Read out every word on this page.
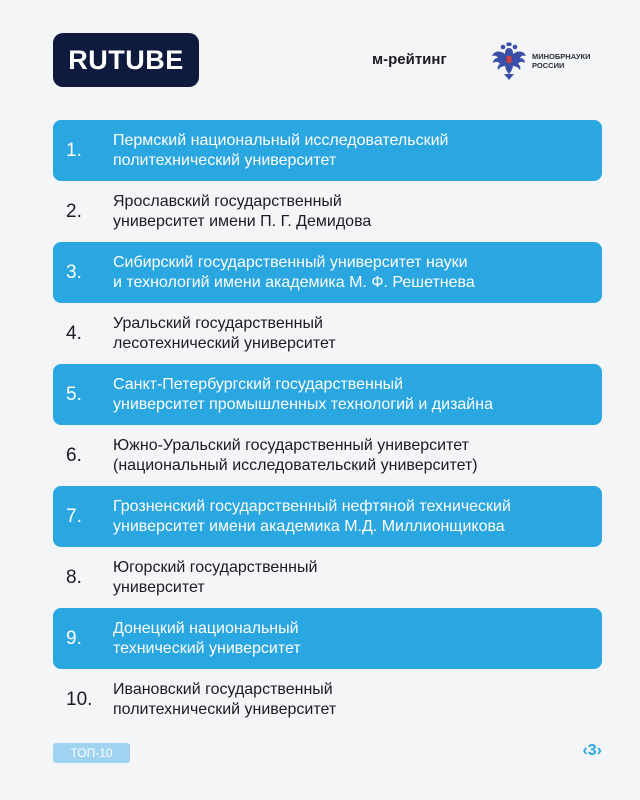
RUTUBE	м-рейтинг	МИНОБРНАУКИ
РОССИИ
1.	Пермский национальный исследовательский
политехнический университет
2.	Ярославский государственный
университет имени П. Г. Демидова
3.	Сибирский государственный университет науки
и технологий имени академика М. Ф. Решетнева
4.	Уральский государственный
лесотехнический университет
5.	Санкт-Петербургский государственный
университет промышленных технологий и дизайна
6.	Южно-Уральский государственный университет
(национальный исследовательский университет)
7.	Грозненский государственный нефтяной технический
университет имени академика М.Д. Миллионщикова
8.	Югорский государственный
университет
9.	Донецкий национальный
технический университет
10.	Ивановский государственный
политехнический университет
ТОП-10	‹3›
